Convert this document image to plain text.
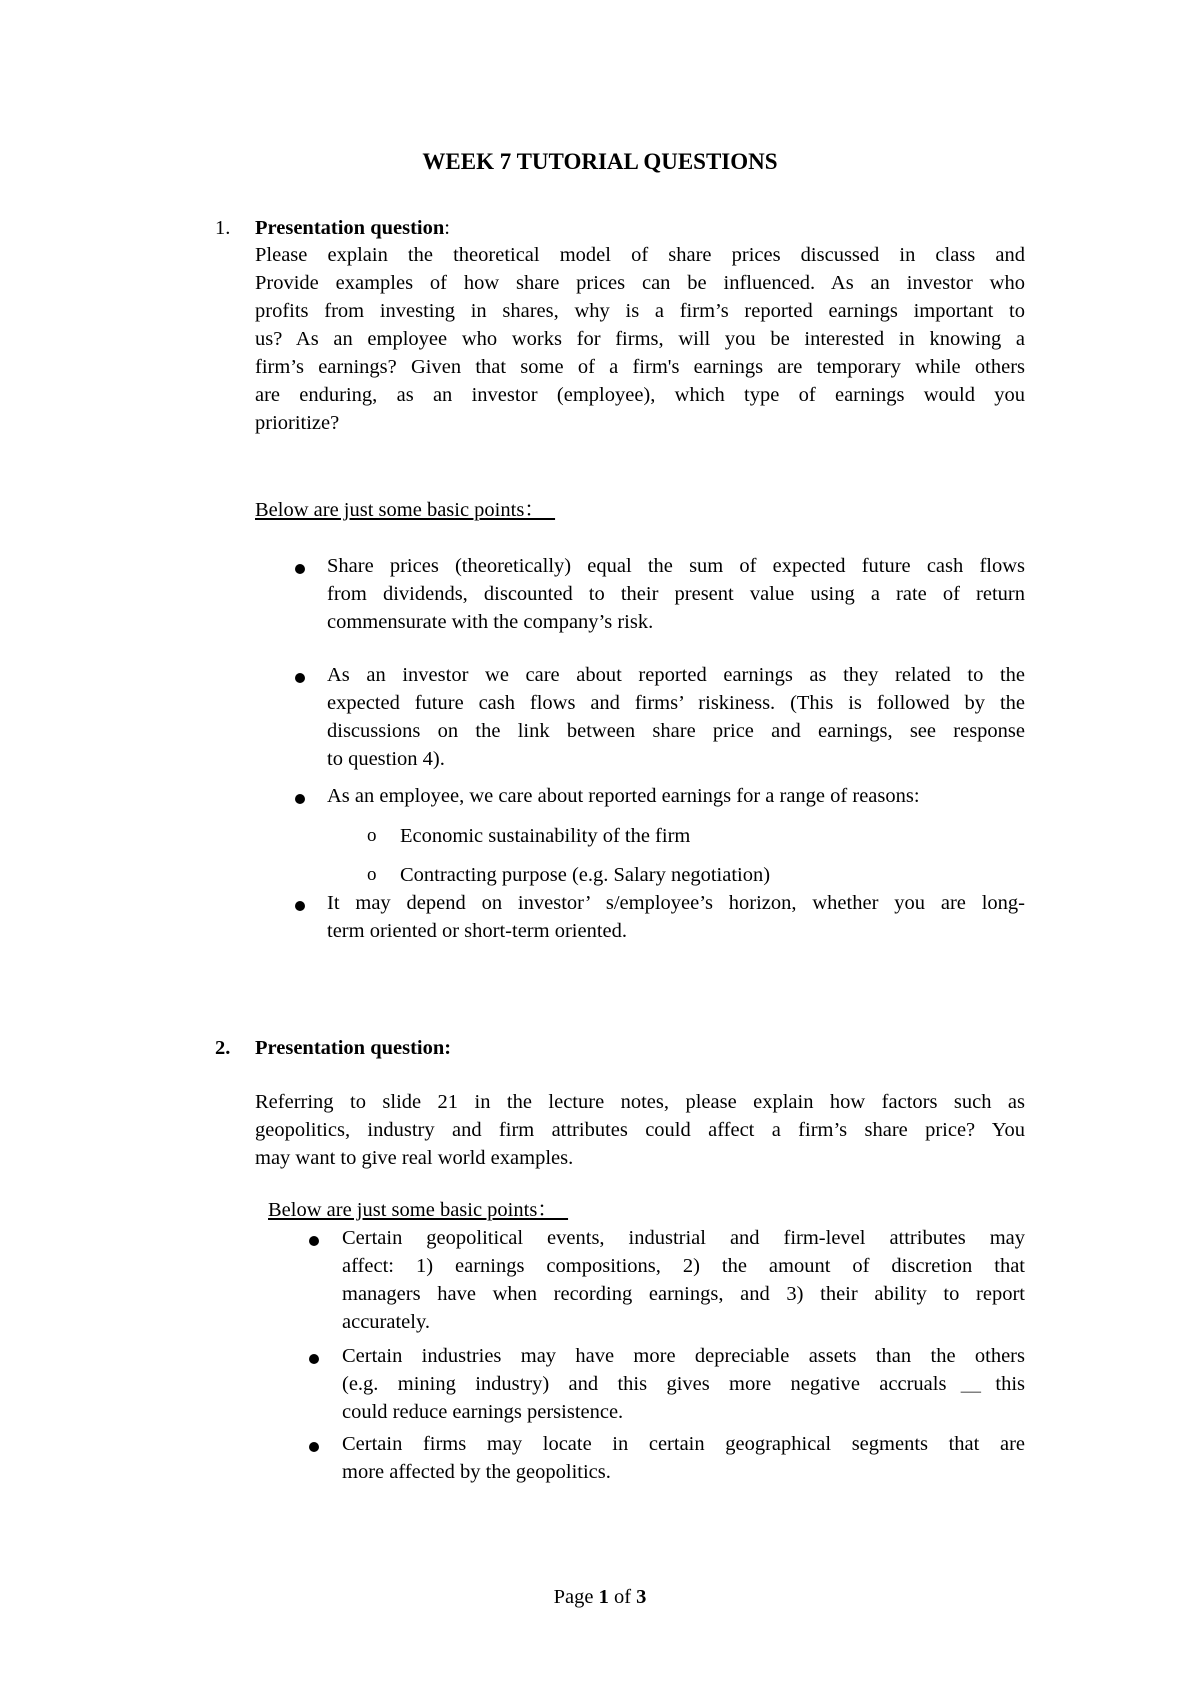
WEEK 7 TUTORIAL QUESTIONS
1.	Presentation question:
Please explain the theoretical model of share prices discussed in class and
Provide examples of how share prices can be influenced. As an investor who
profits from investing in shares, why is a firm’s reported earnings important to
us? As an employee who works for firms, will you be interested in knowing a
firm’s earnings? Given that some of a firm's earnings are temporary while others
are enduring, as an investor (employee), which type of earnings would you
prioritize?
Below are just some basic points：
Share prices (theoretically) equal the sum of expected future cash flows
from dividends, discounted to their present value using a rate of return
commensurate with the company’s risk.
As an investor we care about reported earnings as they related to the
expected future cash flows and firms’ riskiness. (This is followed by the
discussions on the link between share price and earnings, see response
to question 4).
As an employee, we care about reported earnings for a range of reasons:
o Economic sustainability of the firm
o Contracting purpose (e.g. Salary negotiation)
It may depend on investor’ s/employee’s horizon, whether you are long-
term oriented or short-term oriented.
2.	Presentation question:
Referring to slide 21 in the lecture notes, please explain how factors such as
geopolitics, industry and firm attributes could affect a firm’s share price? You
may want to give real world examples.
Below are just some basic points：
Certain geopolitical events, industrial and firm-level attributes may
affect: 1) earnings compositions, 2) the amount of discretion that
managers have when recording earnings, and 3) their ability to report
accurately.
Certain industries may have more depreciable assets than the others
(e.g. mining industry) and this gives more negative accruals＿this
could reduce earnings persistence.
Certain firms may locate in certain geographical segments that are
more affected by the geopolitics.
Page 1 of 3
